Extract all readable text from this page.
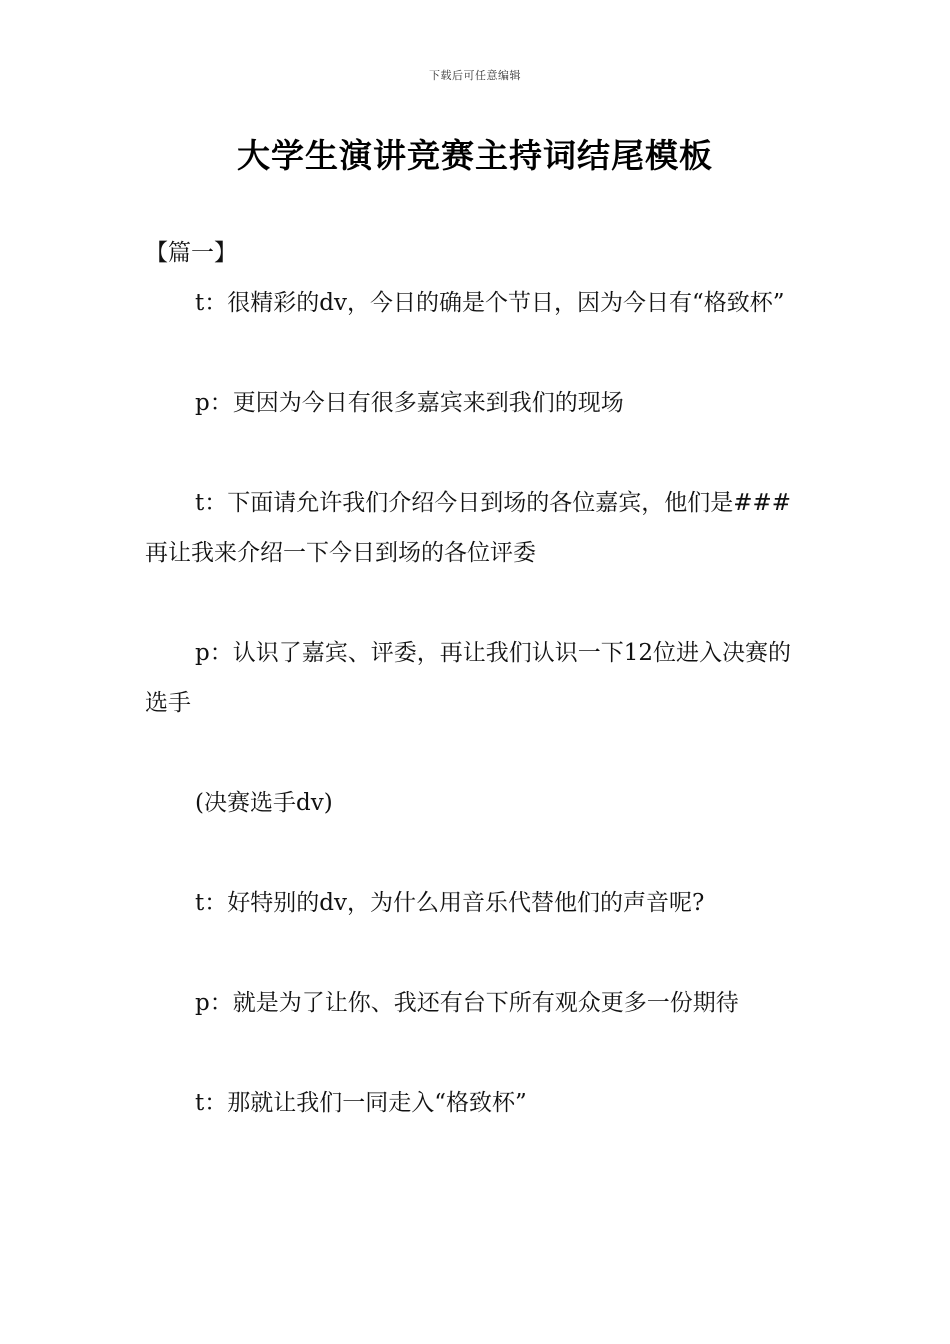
下载后可任意编辑
大学生演讲竞赛主持词结尾模板

【篇一】

t：很精彩的dv，今日的确是个节日，因为今日有“格致杯”

p：更因为今日有很多嘉宾来到我们的现场

t：下面请允许我们介绍今日到场的各位嘉宾，他们是###再让我来介绍一下今日到场的各位评委

p：认识了嘉宾、评委，再让我们认识一下12位进入决赛的选手

(决赛选手dv)

t：好特别的dv，为什么用音乐代替他们的声音呢?

p：就是为了让你、我还有台下所有观众更多一份期待

t：那就让我们一同走入“格致杯”
